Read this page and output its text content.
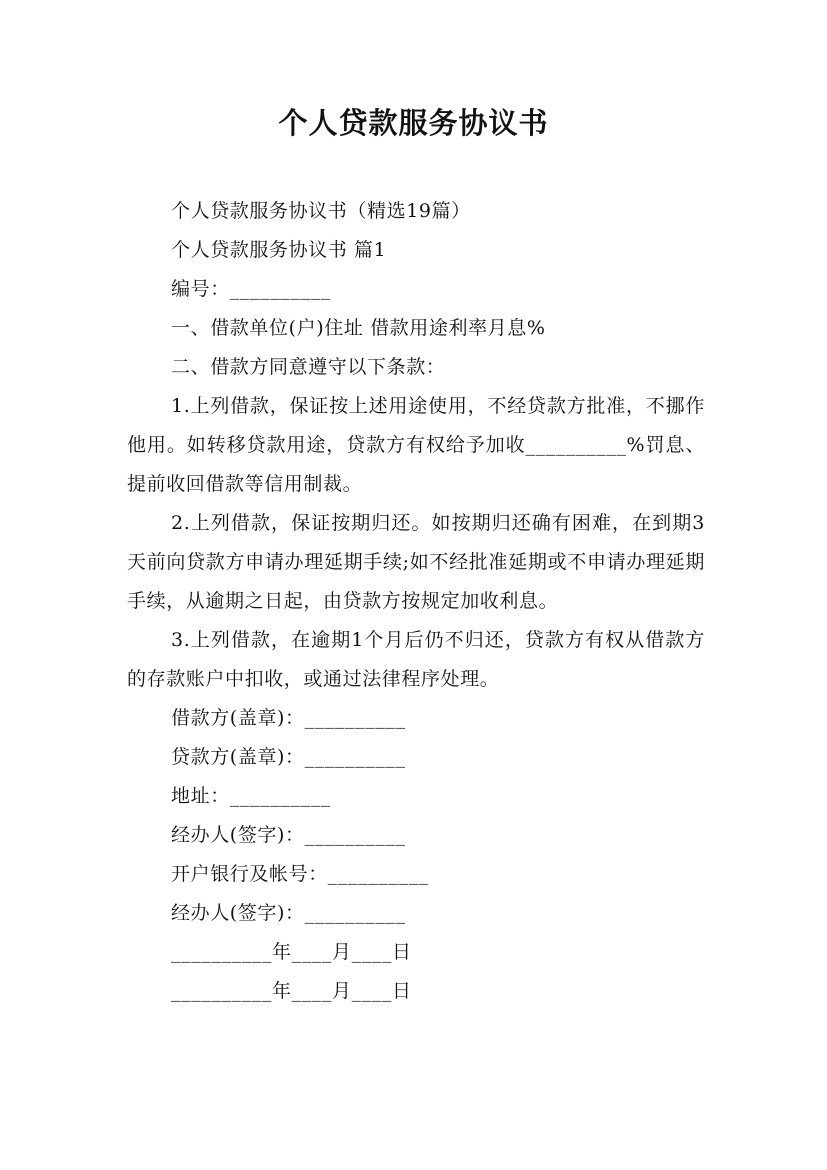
个人贷款服务协议书

个人贷款服务协议书（精选19篇）

个人贷款服务协议书 篇1

编号：__________

一、借款单位(户)住址 借款用途利率月息%

二、借款方同意遵守以下条款：

1.上列借款，保证按上述用途使用，不经贷款方批准，不挪作他用。如转移贷款用途，贷款方有权给予加收__________%罚息、提前收回借款等信用制裁。

2.上列借款，保证按期归还。如按期归还确有困难，在到期3天前向贷款方申请办理延期手续;如不经批准延期或不申请办理延期手续，从逾期之日起，由贷款方按规定加收利息。

3.上列借款，在逾期1个月后仍不归还，贷款方有权从借款方的存款账户中扣收，或通过法律程序处理。

借款方(盖章)：__________

贷款方(盖章)：__________

地址：__________

经办人(签字)：__________

开户银行及帐号：__________

经办人(签字)：__________

__________年____月____日

__________年____月____日
